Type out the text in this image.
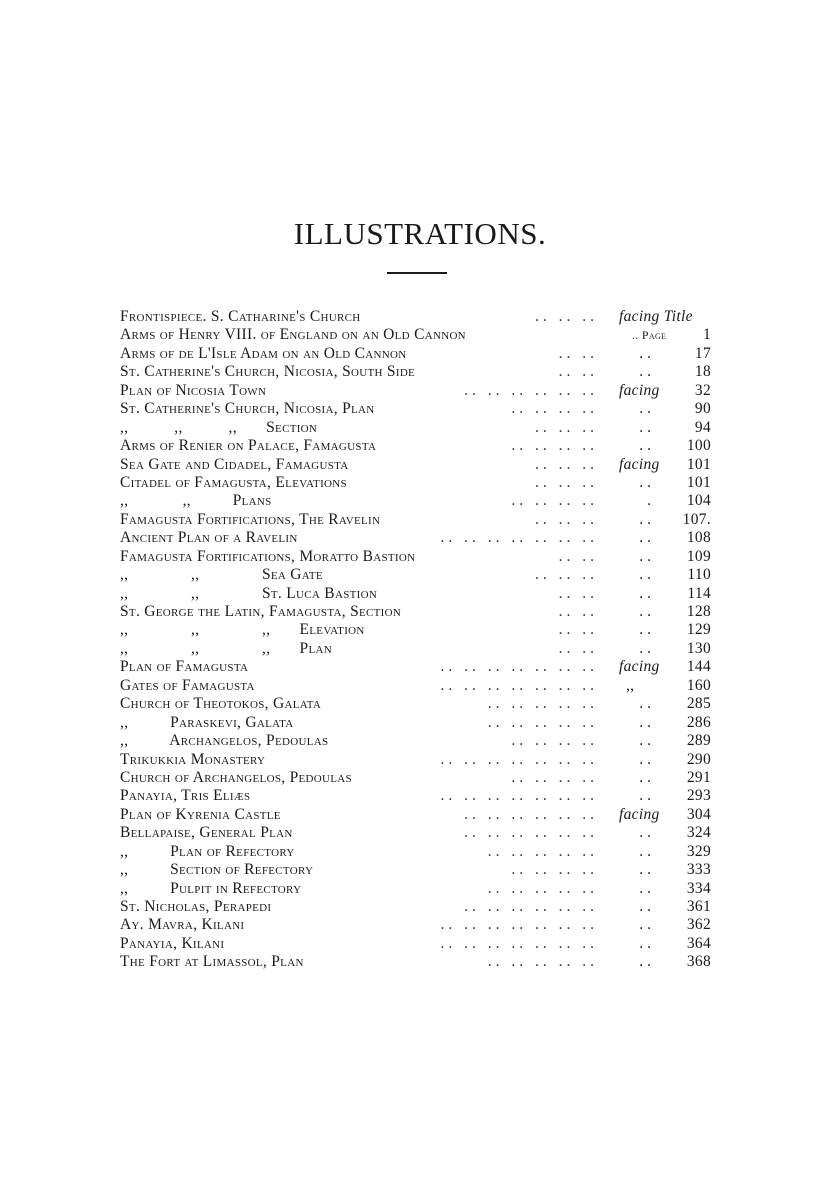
ILLUSTRATIONS.
.. .. ..
Frontispiece. S. Catharine's Church	facing Title
Arms of Henry VIII. of England on an Old Cannon	.. Page	1
.. ..
Arms of de L'Isle Adam on an Old Cannon	..	17
.. ..
St. Catherine's Church, Nicosia, South Side	..	18
.. .. .. .. .. ..
Plan of Nicosia Town	facing	32
.. .. .. ..
St. Catherine's Church, Nicosia, Plan	..	90
.. .. ..
,,           ,,           ,,       Section	..	94
.. .. .. ..
Arms of Renier on Palace, Famagusta	..	100
.. .. ..
Sea Gate and Cidadel, Famagusta	facing	101
.. .. ..
Citadel of Famagusta, Elevations	..	101
.. .. .. ..
,,             ,,          Plans	.	104
.. .. ..
Famagusta Fortifications, The Ravelin	..	107.
.. .. .. .. .. .. ..
Ancient Plan of a Ravelin	..	108
.. ..
Famagusta Fortifications, Moratto Bastion	..	109
.. .. ..
,,               ,,               Sea Gate	..	110
.. ..
,,               ,,               St. Luca Bastion	..	114
.. ..
St. George the Latin, Famagusta, Section	..	128
.. ..
,,               ,,               ,,       Elevation	..	129
.. ..
,,               ,,               ,,       Plan	..	130
.. .. .. .. .. .. ..
Plan of Famagusta	facing	144
.. .. .. .. .. .. ..
Gates of Famagusta	,,	160
.. .. .. .. ..
Church of Theotokos, Galata	..	285
.. .. .. .. ..
,,          Paraskevi, Galata	..	286
.. .. .. ..
,,          Archangelos, Pedoulas	..	289
.. .. .. .. .. .. ..
Trikukkia Monastery	..	290
.. .. .. ..
Church of Archangelos, Pedoulas	..	291
.. .. .. .. .. .. ..
Panayia, Tris Eliæs	..	293
.. .. .. .. .. ..
Plan of Kyrenia Castle	facing	304
.. .. .. .. .. ..
Bellapaise, General Plan	..	324
.. .. .. .. ..
,,          Plan of Refectory	..	329
.. .. .. ..
,,          Section of Refectory	..	333
.. .. .. .. ..
,,          Pulpit in Refectory	..	334
.. .. .. .. .. ..
St. Nicholas, Perapedi	..	361
.. .. .. .. .. .. ..
Ay. Mavra, Kilani	..	362
.. .. .. .. .. .. ..
Panayia, Kilani	..	364
.. .. .. .. ..
The Fort at Limassol, Plan	..	368
